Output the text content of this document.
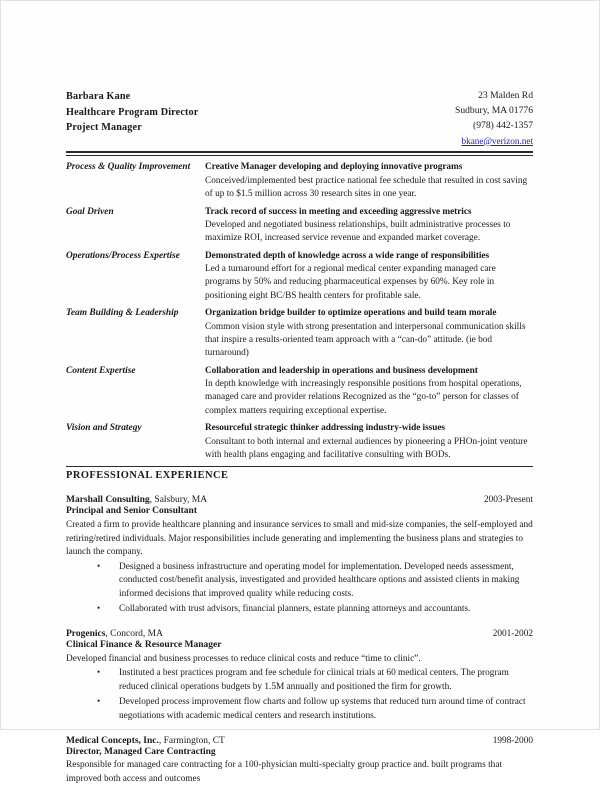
Barbara Kane
Healthcare Program Director
Project Manager
23 Malden Rd
Sudbury, MA 01776
(978) 442-1357
bkane@verizon.net
Process & Quality Improvement	Creative Manager developing and deploying innovative programs
Conceived/implemented best practice national fee schedule that resulted in cost saving of up to $1.5 million across 30 research sites in one year.
Goal Driven	Track record of success in meeting and exceeding aggressive metrics
Developed and negotiated business relationships, built administrative processes to maximize ROI, increased service revenue and expanded market coverage.
Operations/Process Expertise	Demonstrated depth of knowledge across a wide range of responsibilities
Led a turnaround effort for a regional medical center expanding managed care programs by 50% and reducing pharmaceutical expenses by 60%. Key role in positioning eight BC/BS health centers for profitable sale.
Team Building & Leadership	Organization bridge builder to optimize operations and build team morale
Common vision style with strong presentation and interpersonal communication skills that inspire a results-oriented team approach with a “can-do” attitude. (ie bod turnaround)
Content Expertise	Collaboration and leadership in operations and business development
In depth knowledge with increasingly responsible positions from hospital operations, managed care and provider relations Recognized as the “go-to” person for classes of complex matters requiring exceptional expertise.
Vision and Strategy	Resourceful strategic thinker addressing industry-wide issues
Consultant to both internal and external audiences by pioneering a PHOn-joint venture with health plans engaging and facilitative consulting with BODs.
PROFESSIONAL EXPERIENCE
Marshall Consulting, Salsbury, MA	2003-Present
Principal and Senior Consultant
Created a firm to provide healthcare planning and insurance services to small and mid-size companies, the self-employed and retiring/retired individuals. Major responsibilities include generating and implementing the business plans and strategies to launch the company.
• Designed a business infrastructure and operating model for implementation. Developed needs assessment, conducted cost/benefit analysis, investigated and provided healthcare options and assisted clients in making informed decisions that improved quality while reducing costs.
• Collaborated with trust advisors, financial planners, estate planning attorneys and accountants.
Progenics, Concord, MA	2001-2002
Clinical Finance & Resource Manager
Developed financial and business processes to reduce clinical costs and reduce “time to clinic”.
• Instituted a best practices program and fee schedule for clinical trials at 60 medical centers. The program reduced clinical operations budgets by 1.5M annually and positioned the firm for growth.
• Developed process improvement flow charts and follow up systems that reduced turn around time of contract negotiations with academic medical centers and research institutions.
Medical Concepts, Inc., Farmington, CT	1998-2000
Director, Managed Care Contracting
Responsible for managed care contracting for a 100-physician multi-specialty group practice and. built programs that improved both access and outcomes
